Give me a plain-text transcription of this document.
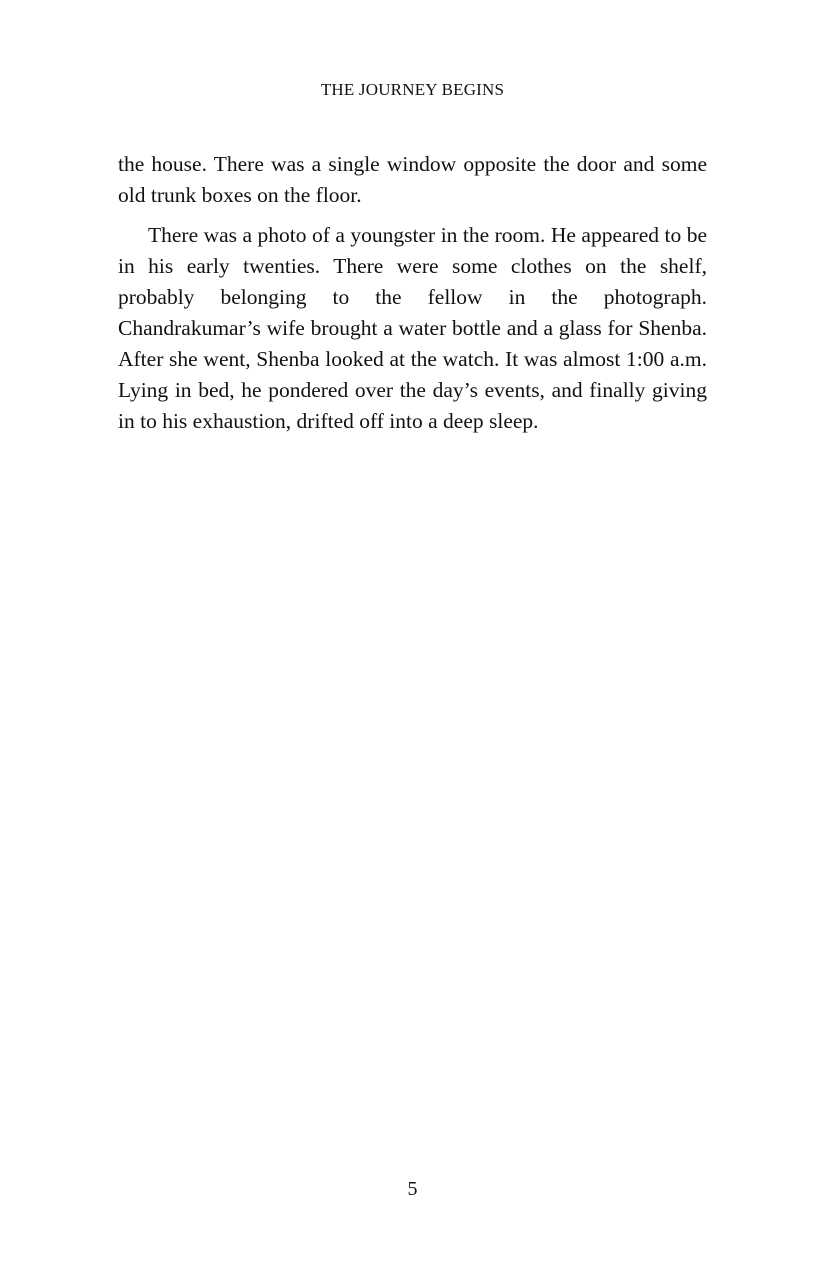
THE JOURNEY BEGINS

the house. There was a single window opposite the door and some old trunk boxes on the floor.

There was a photo of a youngster in the room. He appeared to be in his early twenties. There were some clothes on the shelf, probably belonging to the fellow in the photograph. Chandrakumar’s wife brought a water bottle and a glass for Shenba. After she went, Shenba looked at the watch. It was almost 1:00 a.m. Lying in bed, he pondered over the day’s events, and finally giving in to his exhaustion, drifted off into a deep sleep.

5
